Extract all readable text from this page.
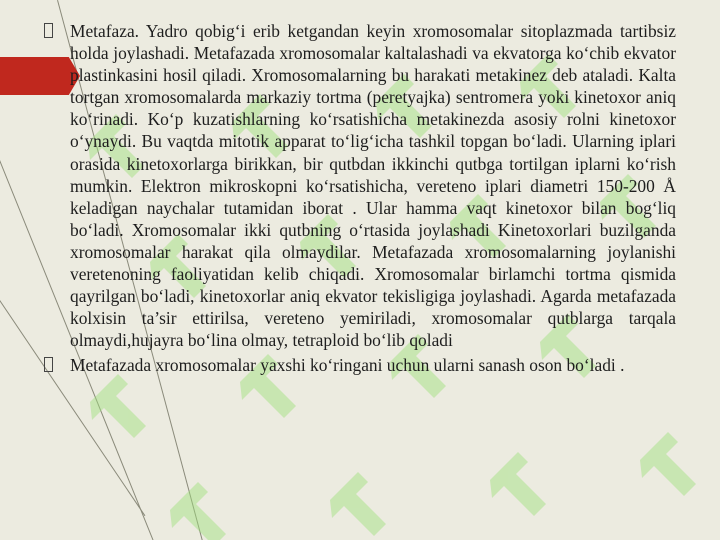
Metafaza. Yadro qobig‘i erib ketgandan keyin xromosomalar sitoplazmada tartibsiz holda joylashadi. Metafazada xromosomalar kaltalashadi va ekvatorga ko‘chib ekvator plastinkasini hosil qiladi. Xromosomalarning bu harakati metakinez deb ataladi. Kalta tortgan xromosomalarda markaziy tortma (peretyajka) sentromera yoki kinetoxor aniq ko‘rinadi. Ko‘p kuzatishlarning ko‘rsatishicha metakinezda asosiy rolni kinetoxor o‘ynaydi. Bu vaqtda mitotik apparat to‘lig‘icha tashkil topgan bo‘ladi. Ularning iplari orasida kinetoxorlarga birikkan, bir qutbdan ikkinchi qutbga tortilgan iplarni ko‘rish mumkin. Elektron mikroskopni ko‘rsatishicha, vereteno iplari diametri 150-200 Å keladigan naychalar tutamidan iborat . Ular hamma vaqt kinetoxor bilan bog‘liq bo‘ladi. Xromosomalar ikki qutbning o‘rtasida joylashadi Kinetoxorlari buzilganda xromosomalar harakat qila olmaydilar. Metafazada xromosomalarning joylanishi veretenoning faoliyatidan kelib chiqadi. Xromosomalar birlamchi tortma qismida qayrilgan bo‘ladi, kinetoxorlar aniq ekvator tekisligiga joylashadi. Agarda metafazada kolxisin ta’sir ettirilsa, vereteno yemiriladi, xromosomalar qutblarga tarqala olmaydi,hujayra bo‘lina olmay, tetraploid bo‘lib qoladi

Metafazada xromosomalar yaxshi ko‘ringani uchun ularni sanash oson bo‘ladi .
